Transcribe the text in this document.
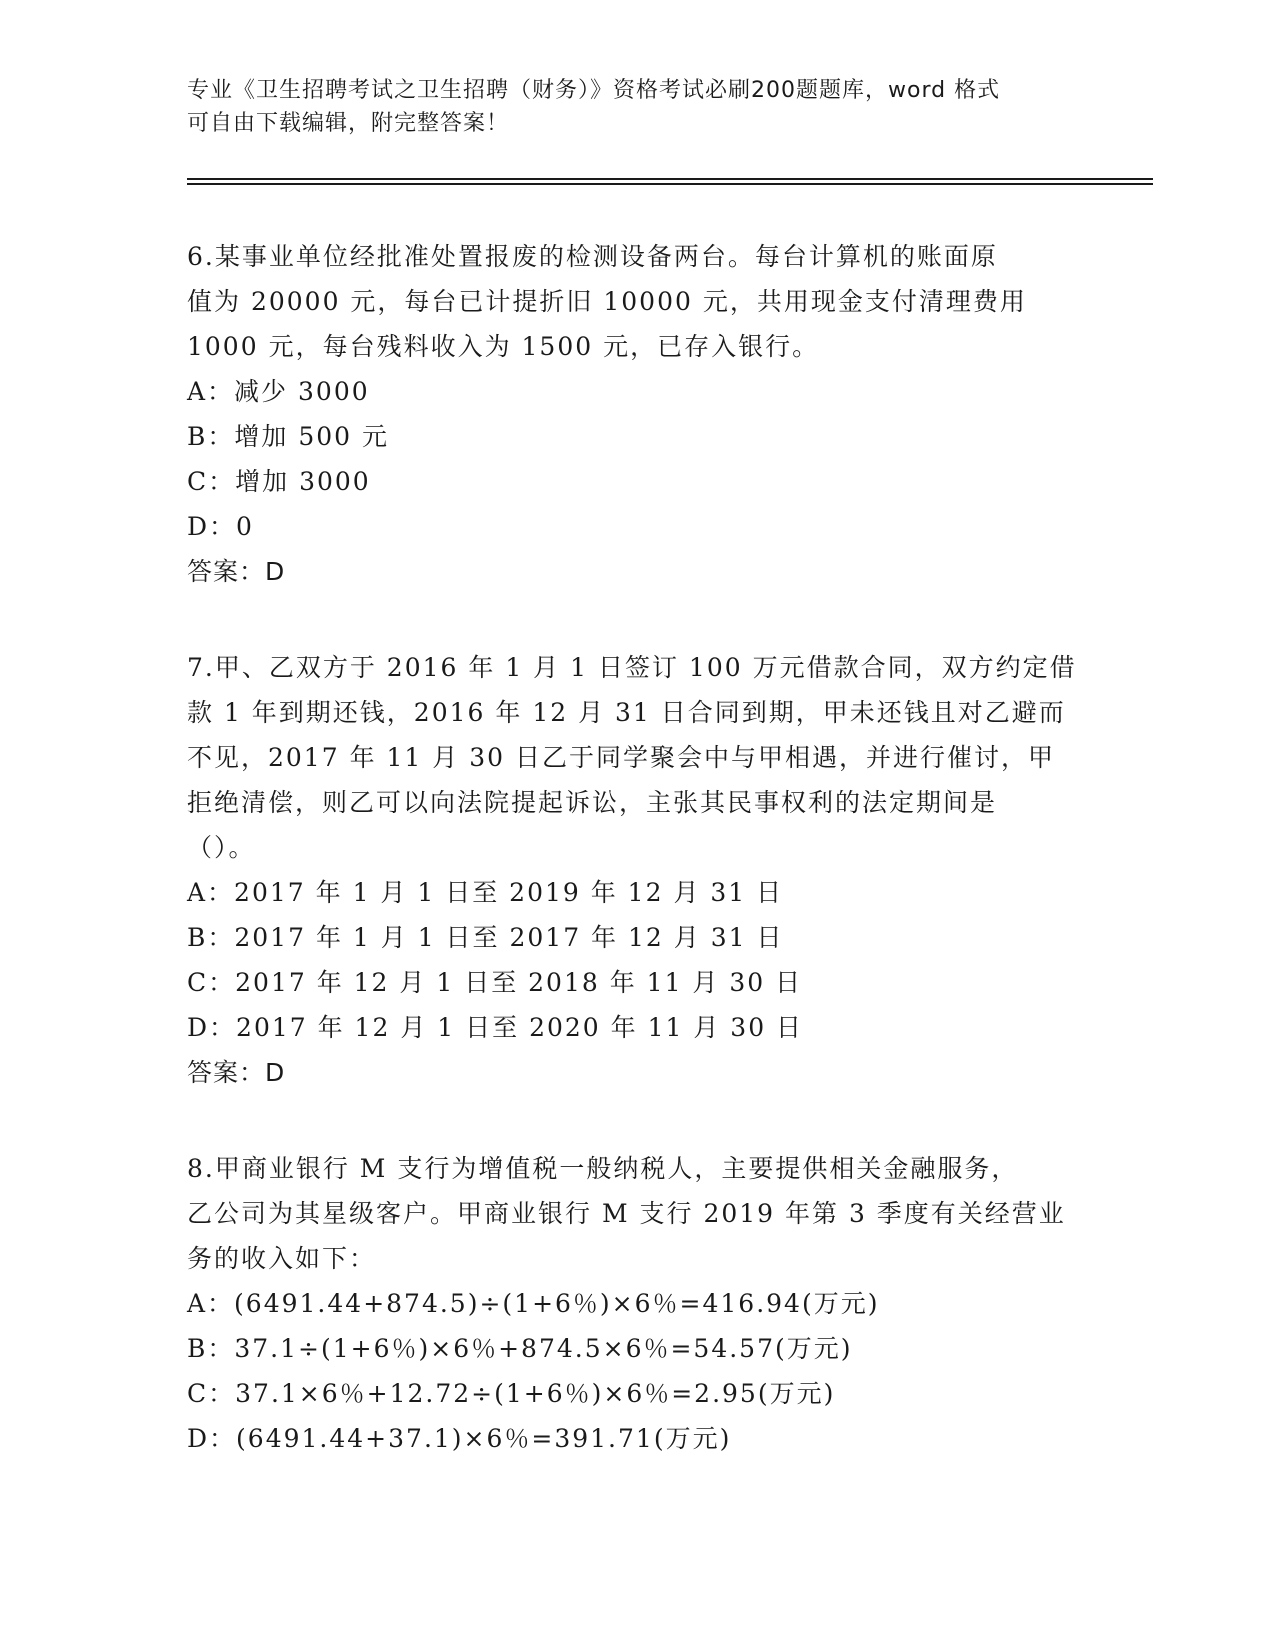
专业《卫生招聘考试之卫生招聘（财务）》资格考试必刷200题题库，word 格式
可自由下载编辑，附完整答案！

6.某事业单位经批准处置报废的检测设备两台。每台计算机的账面原

值为 20000 元，每台已计提折旧 10000 元，共用现金支付清理费用

1000 元，每台残料收入为 1500 元，已存入银行。

A：减少 3000

B：增加 500 元

C：增加 3000

D：0

答案：D

7.甲、乙双方于 2016 年 1 月 1 日签订 100 万元借款合同，双方约定借

款 1 年到期还钱，2016 年 12 月 31 日合同到期，甲未还钱且对乙避而

不见，2017 年 11 月 30 日乙于同学聚会中与甲相遇，并进行催讨，甲

拒绝清偿，则乙可以向法院提起诉讼，主张其民事权利的法定期间是

（）。

A：2017 年 1 月 1 日至 2019 年 12 月 31 日

B：2017 年 1 月 1 日至 2017 年 12 月 31 日

C：2017 年 12 月 1 日至 2018 年 11 月 30 日

D：2017 年 12 月 1 日至 2020 年 11 月 30 日

答案：D

8.甲商业银行 M 支行为增值税一般纳税人，主要提供相关金融服务，

乙公司为其星级客户。甲商业银行 M 支行 2019 年第 3 季度有关经营业

务的收入如下：

A：(6491.44+874.5)÷(1+6％)×6％=416.94(万元)

B：37.1÷(1+6％)×6％+874.5×6％=54.57(万元)

C：37.1×6％+12.72÷(1+6％)×6％=2.95(万元)

D：(6491.44+37.1)×6％=391.71(万元)
